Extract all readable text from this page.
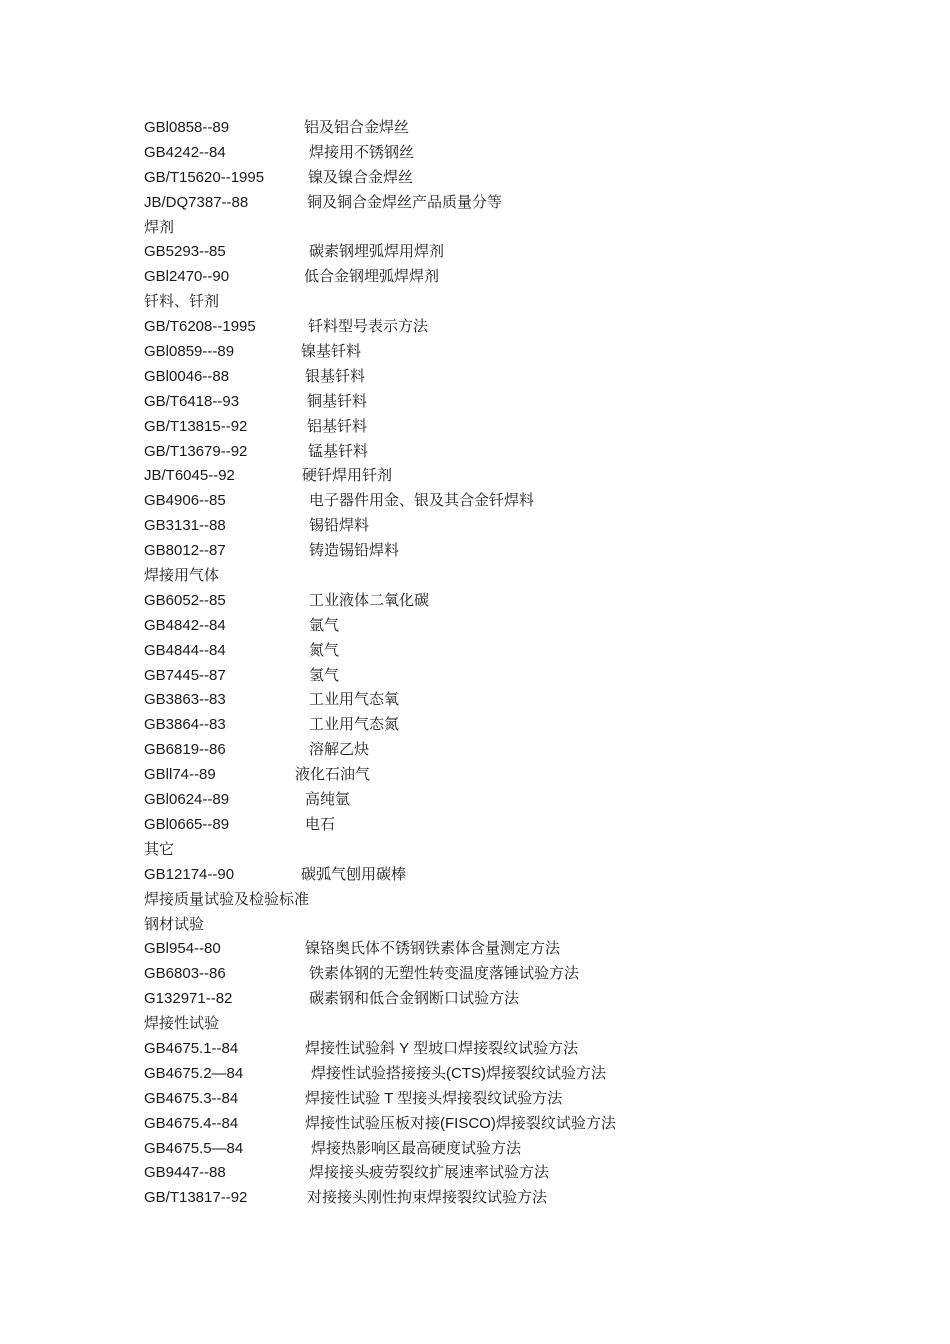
GBl0858--89	铝及铝合金焊丝
GB4242--84	焊接用不锈钢丝
GB/T15620--1995	镍及镍合金焊丝
JB/DQ7387--88	铜及铜合金焊丝产品质量分等
焊剂
GB5293--85	碳素钢埋弧焊用焊剂
GBl2470--90	低合金钢埋弧焊焊剂
钎料、钎剂
GB/T6208--1995	钎料型号表示方法
GBl0859---89	镍基钎料
GBl0046--88	银基钎料
GB/T6418--93	铜基钎料
GB/T13815--92	铝基钎料
GB/T13679--92	锰基钎料
JB/T6045--92	硬钎焊用钎剂
GB4906--85	电子器件用金、银及其合金钎焊料
GB3131--88	锡铅焊料
GB8012--87	铸造锡铅焊料
焊接用气体
GB6052--85	工业液体二氧化碳
GB4842--84	氩气
GB4844--84	氮气
GB7445--87	氢气
GB3863--83	工业用气态氧
GB3864--83	工业用气态氮
GB6819--86	溶解乙炔
GBll74--89	液化石油气
GBl0624--89	高纯氩
GBl0665--89	电石
其它
GB12174--90	碳弧气刨用碳棒
焊接质量试验及检验标准
钢材试验
GBl954--80	镍铬奥氏体不锈钢铁素体含量测定方法
GB6803--86	铁素体钢的无塑性转变温度落锤试验方法
G132971--82	碳素钢和低合金钢断口试验方法
焊接性试验
GB4675.1--84	焊接性试验斜 Y 型坡口焊接裂纹试验方法
GB4675.2—84	焊接性试验搭接接头(CTS)焊接裂纹试验方法
GB4675.3--84	焊接性试验 T 型接头焊接裂纹试验方法
GB4675.4--84	焊接性试验压板对接(FISCO)焊接裂纹试验方法
GB4675.5—84	焊接热影响区最高硬度试验方法
GB9447--88	焊接接头疲劳裂纹扩展速率试验方法
GB/T13817--92	对接接头刚性拘束焊接裂纹试验方法
